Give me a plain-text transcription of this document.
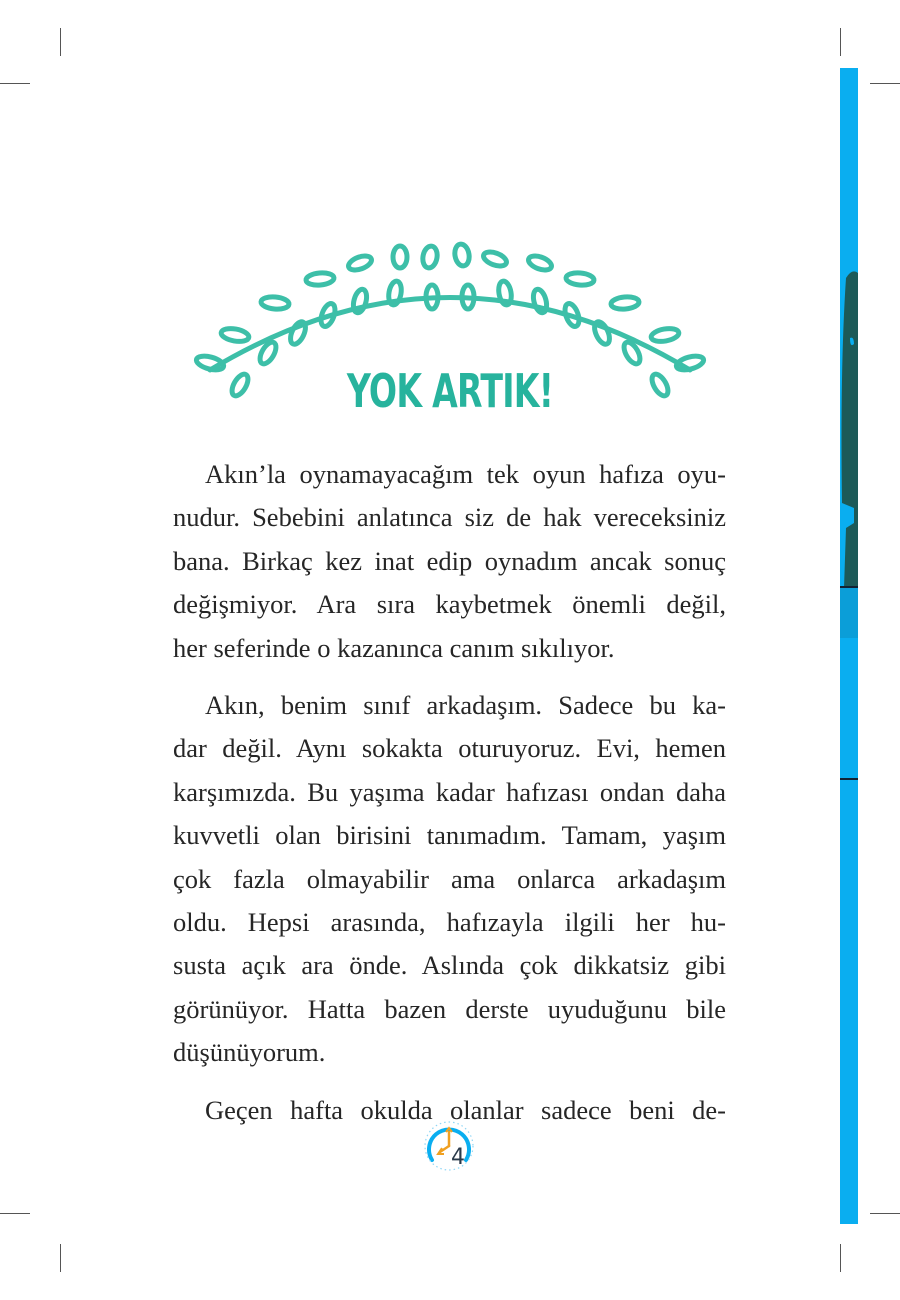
YOK ARTIK!
Akın’la oynamayacağım tek oyun hafıza oyu-
nudur. Sebebini anlatınca siz de hak vereceksiniz
bana. Birkaç kez inat edip oynadım ancak sonuç
değişmiyor. Ara sıra kaybetmek önemli değil,
her seferinde o kazanınca canım sıkılıyor.
Akın, benim sınıf arkadaşım. Sadece bu ka-
dar değil. Aynı sokakta oturuyoruz. Evi, hemen
karşımızda. Bu yaşıma kadar hafızası ondan daha
kuvvetli olan birisini tanımadım. Tamam, yaşım
çok fazla olmayabilir ama onlarca arkadaşım
oldu. Hepsi arasında, hafızayla ilgili her hu-
susta açık ara önde. Aslında çok dikkatsiz gibi
görünüyor. Hatta bazen derste uyuduğunu bile
düşünüyorum.
Geçen hafta okulda olanlar sadece beni de-
4
